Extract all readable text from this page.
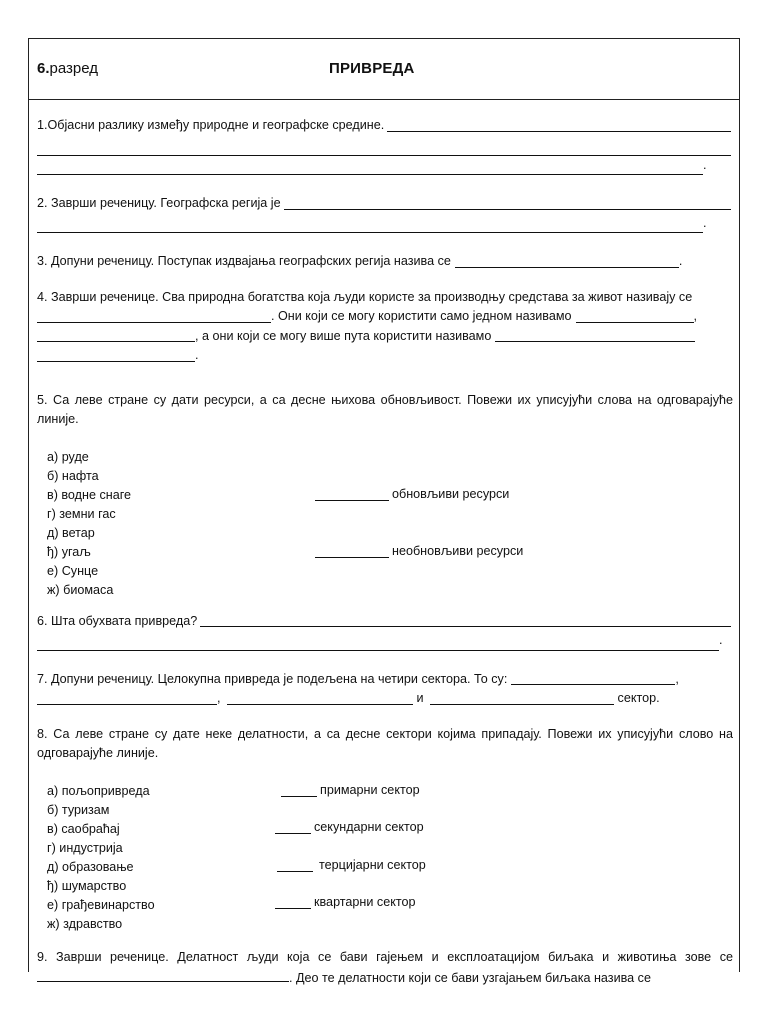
6.разред	ПРИВРЕДА
1.Објасни разлику између природне и географске средине.
.
2. Заврши реченицу. Географска регија је
.
3. Допуни реченицу. Поступак издвајања географских регија назива се	.
4. Заврши реченице. Сва природна богатства која људи користе за производњу средстава за живот називају се
. Они који се могу користити само једном називамо	,
, а они који се могу више пута користити називамо
.
5. Са леве стране су дати ресурси, а са десне њихова обновљивост. Повежи их уписујући слова на одговарајуће линије.
а) руде
б) нафта
в) водне снаге
г) земни гас
д) ветар
ђ) угаљ
е) Сунце
ж) биомаса
обновљиви ресурси
необновљиви ресурси
6. Шта обухвата привреда?
.
7. Допуни реченицу. Целокупна привреда је подељена на четири сектора. То су:	,
,	и	сектор.
8. Са леве стране су дате неке делатности, а са десне сектори којима припадају. Повежи их уписујући слово на одговарајуће линије.
а) пољопривреда
б) туризам
в) саобраћај
г) индустрија
д) образовање
ђ) шумарство
е) грађевинарство
ж) здравство
примарни сектор
секундарни сектор
терцијарни сектор
квартарни сектор
9. Заврши реченице. Делатност људи која се бави гајењем и експлоатацијом биљака и животиња зове се . Део те делатности који се бави узгајањем биљака назива се
